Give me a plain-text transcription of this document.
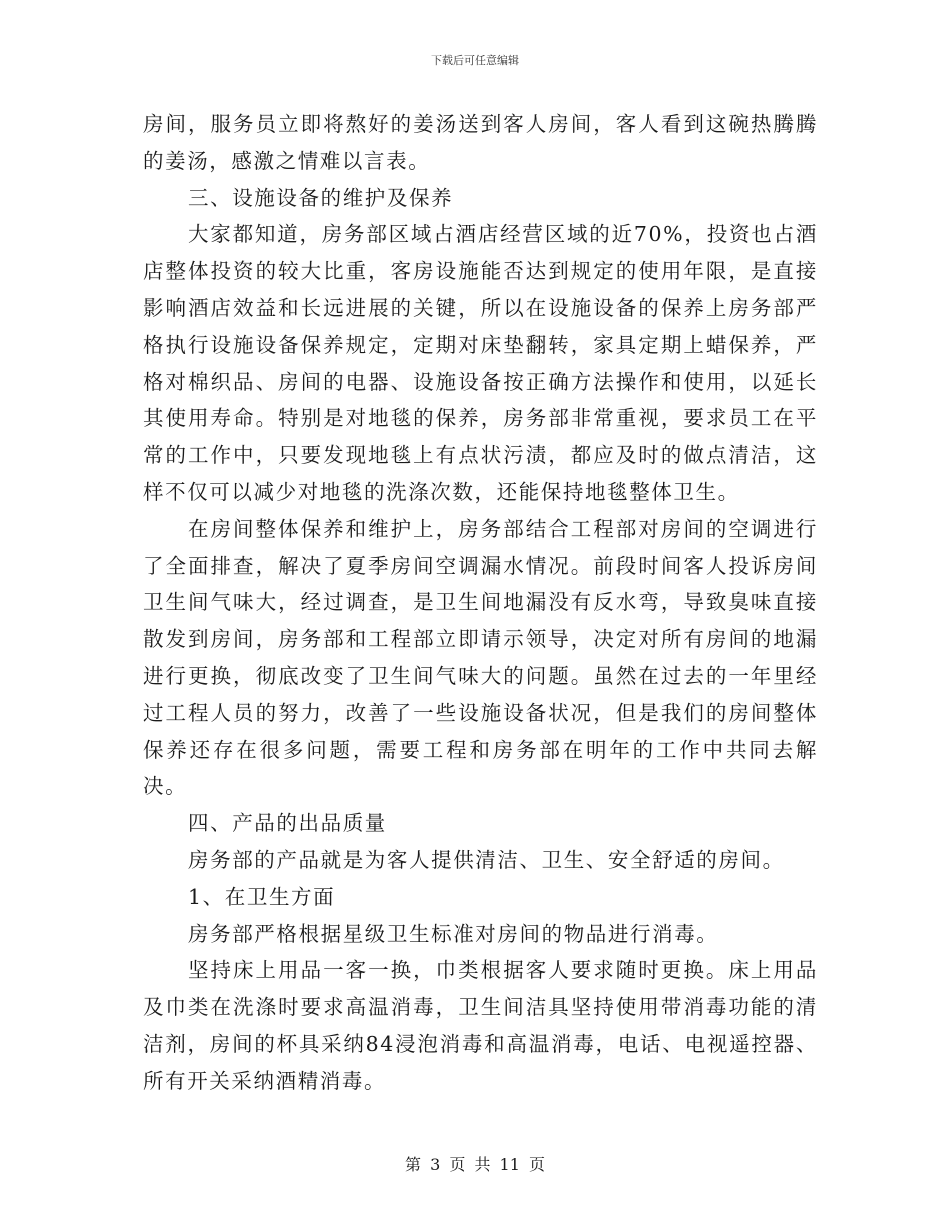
下载后可任意编辑

房间，服务员立即将熬好的姜汤送到客人房间，客人看到这碗热腾腾的姜汤，感激之情难以言表。

三、设施设备的维护及保养

大家都知道，房务部区域占酒店经营区域的近70%，投资也占酒店整体投资的较大比重，客房设施能否达到规定的使用年限，是直接影响酒店效益和长远进展的关键，所以在设施设备的保养上房务部严格执行设施设备保养规定，定期对床垫翻转，家具定期上蜡保养，严格对棉织品、房间的电器、设施设备按正确方法操作和使用，以延长其使用寿命。特别是对地毯的保养，房务部非常重视，要求员工在平常的工作中，只要发现地毯上有点状污渍，都应及时的做点清洁，这样不仅可以减少对地毯的洗涤次数，还能保持地毯整体卫生。

在房间整体保养和维护上，房务部结合工程部对房间的空调进行了全面排查，解决了夏季房间空调漏水情况。前段时间客人投诉房间卫生间气味大，经过调查，是卫生间地漏没有反水弯，导致臭味直接散发到房间，房务部和工程部立即请示领导，决定对所有房间的地漏进行更换，彻底改变了卫生间气味大的问题。虽然在过去的一年里经过工程人员的努力，改善了一些设施设备状况，但是我们的房间整体保养还存在很多问题，需要工程和房务部在明年的工作中共同去解决。

四、产品的出品质量

房务部的产品就是为客人提供清洁、卫生、安全舒适的房间。

1、在卫生方面

房务部严格根据星级卫生标准对房间的物品进行消毒。

坚持床上用品一客一换，巾类根据客人要求随时更换。床上用品及巾类在洗涤时要求高温消毒，卫生间洁具坚持使用带消毒功能的清洁剂，房间的杯具采纳84浸泡消毒和高温消毒，电话、电视遥控器、所有开关采纳酒精消毒。

第 3 页 共 11 页
